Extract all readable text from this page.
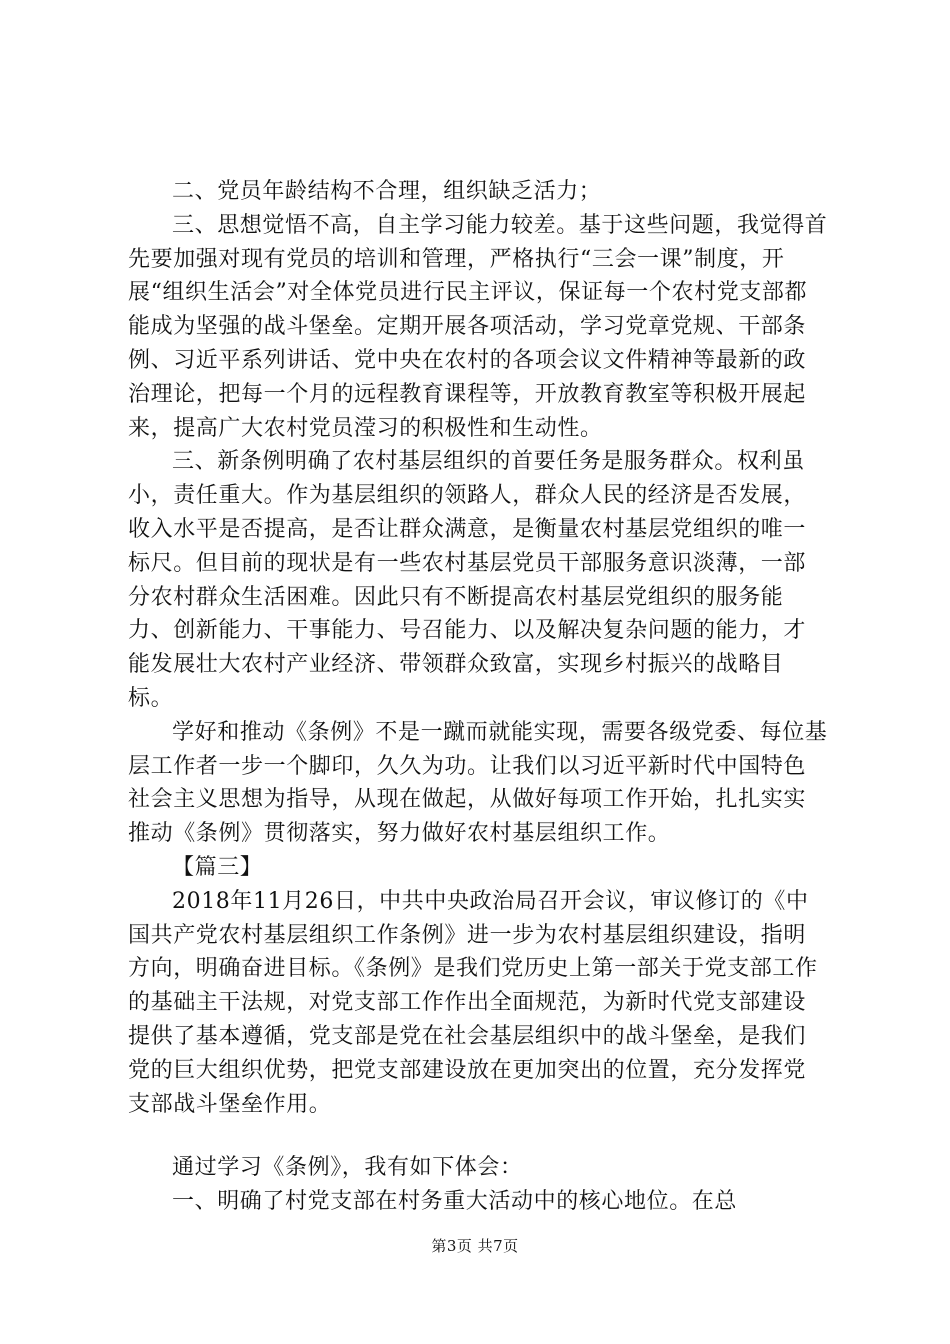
二、党员年龄结构不合理，组织缺乏活力；

三、思想觉悟不高，自主学习能力较差。基于这些问题，我觉得首先要加强对现有党员的培训和管理，严格执行“三会一课”制度，开展“组织生活会”对全体党员进行民主评议，保证每一个农村党支部都能成为坚强的战斗堡垒。定期开展各项活动，学习党章党规、干部条例、习近平系列讲话、党中央在农村的各项会议文件精神等最新的政治理论，把每一个月的远程教育课程等，开放教育教室等积极开展起来，提高广大农村党员滢习的积极性和生动性。

三、新条例明确了农村基层组织的首要任务是服务群众。权利虽小，责任重大。作为基层组织的领路人，群众人民的经济是否发展，收入水平是否提高，是否让群众满意，是衡量农村基层党组织的唯一标尺。但目前的现状是有一些农村基层党员干部服务意识淡薄，一部分农村群众生活困难。因此只有不断提高农村基层党组织的服务能力、创新能力、干事能力、号召能力、以及解决复杂问题的能力，才能发展壮大农村产业经济、带领群众致富，实现乡村振兴的战略目标。

学好和推动《条例》不是一蹴而就能实现，需要各级党委、每位基层工作者一步一个脚印，久久为功。让我们以习近平新时代中国特色社会主义思想为指导，从现在做起，从做好每项工作开始，扎扎实实推动《条例》贯彻落实，努力做好农村基层组织工作。

【篇三】

2018年11月26日，中共中央政治局召开会议，审议修订的《中国共产党农村基层组织工作条例》进一步为农村基层组织建设，指明方向，明确奋进目标。《条例》是我们党历史上第一部关于党支部工作的基础主干法规，对党支部工作作出全面规范，为新时代党支部建设提供了基本遵循，党支部是党在社会基层组织中的战斗堡垒，是我们党的巨大组织优势，把党支部建设放在更加突出的位置，充分发挥党支部战斗堡垒作用。

通过学习《条例》，我有如下体会：

一、明确了村党支部在村务重大活动中的核心地位。在总

第3页 共7页
